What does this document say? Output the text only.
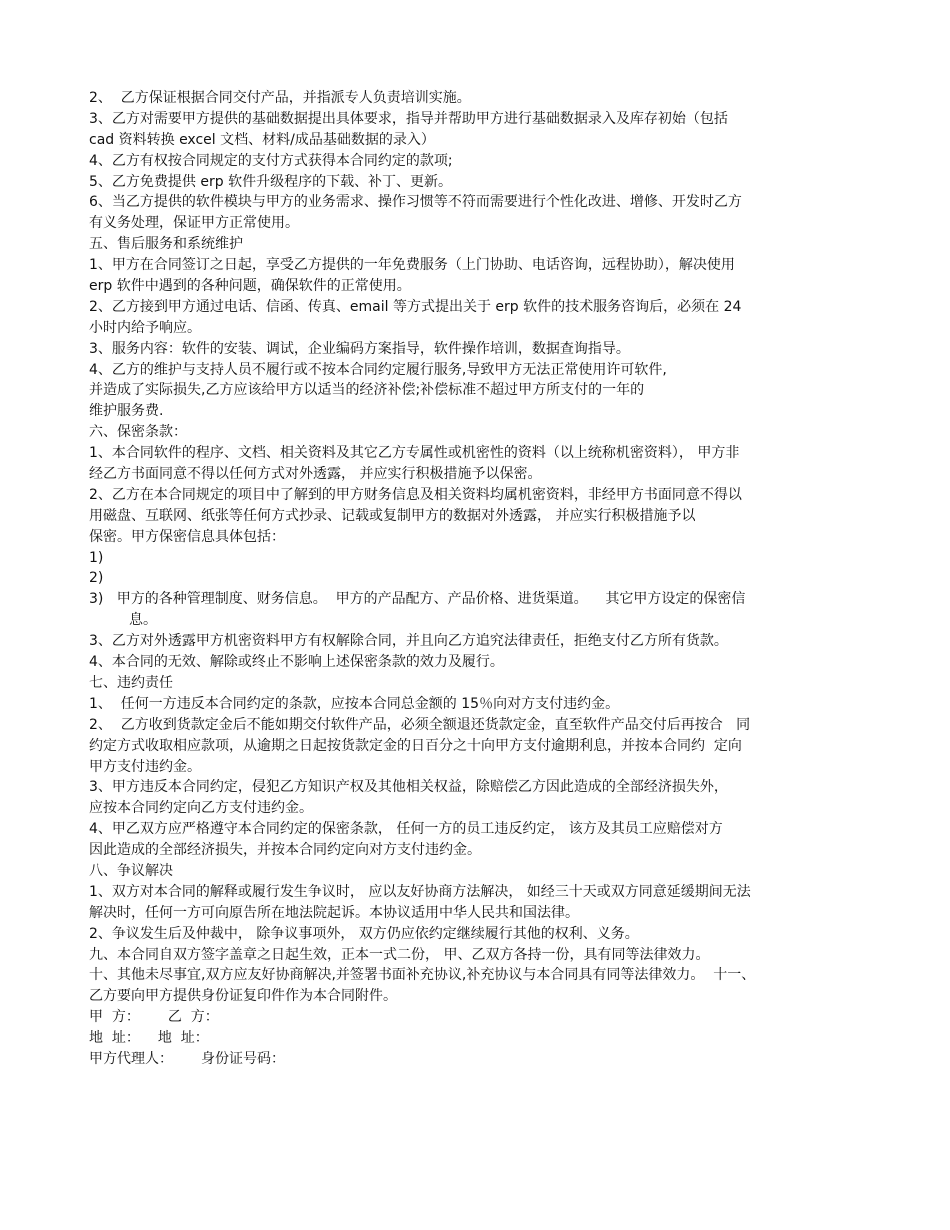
2、  乙方保证根据合同交付产品，并指派专人负责培训实施。
3、乙方对需要甲方提供的基础数据提出具体要求，指导并帮助甲方进行基础数据录入及库存初始（包括
cad 资料转换 excel 文档、材料/成品基础数据的录入）
4、乙方有权按合同规定的支付方式获得本合同约定的款项;
5、乙方免费提供 erp 软件升级程序的下载、补丁、更新。
6、当乙方提供的软件模块与甲方的业务需求、操作习惯等不符而需要进行个性化改进、增修、开发时乙方
有义务处理，保证甲方正常使用。
五、售后服务和系统维护
1、甲方在合同签订之日起，享受乙方提供的一年免费服务（上门协助、电话咨询，远程协助），解决使用
erp 软件中遇到的各种问题，确保软件的正常使用。
2、乙方接到甲方通过电话、信函、传真、email 等方式提出关于 erp 软件的技术服务咨询后，必须在 24
小时内给予响应。
3、服务内容：软件的安装、调试，企业编码方案指导，软件操作培训，数据查询指导。
4、乙方的维护与支持人员不履行或不按本合同约定履行服务,导致甲方无法正常使用许可软件,
并造成了实际损失,乙方应该给甲方以适当的经济补偿;补偿标准不超过甲方所支付的一年的
维护服务费.
六、保密条款：
1、本合同软件的程序、文档、相关资料及其它乙方专属性或机密性的资料（以上统称机密资料）， 甲方非
经乙方书面同意不得以任何方式对外透露， 并应实行积极措施予以保密。
2、乙方在本合同规定的项目中了解到的甲方财务信息及相关资料均属机密资料，非经甲方书面同意不得以
用磁盘、互联网、纸张等任何方式抄录、记载或复制甲方的数据对外透露， 并应实行积极措施予以
保密。甲方保密信息具体包括：
1)
2)
3)   甲方的各种管理制度、财务信息。  甲方的产品配方、产品价格、进货渠道。    其它甲方设定的保密信
息。
3、乙方对外透露甲方机密资料甲方有权解除合同，并且向乙方追究法律责任，拒绝支付乙方所有货款。
4、本合同的无效、解除或终止不影响上述保密条款的效力及履行。
七、违约责任
1、  任何一方违反本合同约定的条款，应按本合同总金额的 15％向对方支付违约金。
2、  乙方收到货款定金后不能如期交付软件产品，必须全额退还货款定金，直至软件产品交付后再按合   同
约定方式收取相应款项，从逾期之日起按货款定金的日百分之十向甲方支付逾期利息，并按本合同约  定向
甲方支付违约金。
3、甲方违反本合同约定，侵犯乙方知识产权及其他相关权益，除赔偿乙方因此造成的全部经济损失外，
应按本合同约定向乙方支付违约金。
4、甲乙双方应严格遵守本合同约定的保密条款， 任何一方的员工违反约定， 该方及其员工应赔偿对方
因此造成的全部经济损失，并按本合同约定向对方支付违约金。
八、争议解决
1、双方对本合同的解释或履行发生争议时， 应以友好协商方法解决， 如经三十天或双方同意延缓期间无法
解决时，任何一方可向原告所在地法院起诉。本协议适用中华人民共和国法律。
2、争议发生后及仲裁中， 除争议事项外， 双方仍应依约定继续履行其他的权利、义务。
九、本合同自双方签字盖章之日起生效，正本一式二份， 甲、乙双方各持一份，具有同等法律效力。
十、其他未尽事宜,双方应友好协商解决,并签署书面补充协议,补充协议与本合同具有同等法律效力。  十一、
乙方要向甲方提供身份证复印件作为本合同附件。
甲  方： 乙  方：
地  址： 地  址：
甲方代理人： 身份证号码：
